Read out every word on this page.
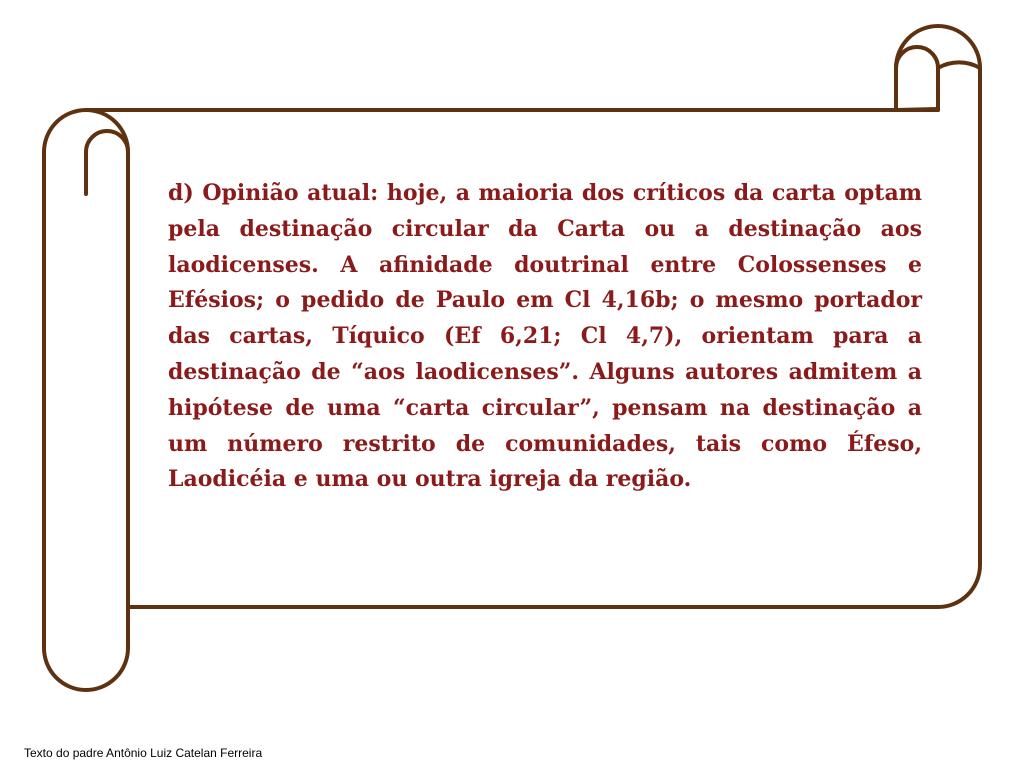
d) Opinião atual: hoje, a maioria dos críticos da carta optam pela destinação circular da Carta ou a destinação aos laodicenses. A afinidade doutrinal entre Colossenses e Efésios; o pedido de Paulo em Cl 4,16b; o mesmo portador das cartas, Tíquico (Ef 6,21; Cl 4,7), orientam para a destinação de “aos laodicenses”. Alguns autores admitem a hipótese de uma “carta circular”, pensam na destinação a um número restrito de comunidades, tais como Éfeso, Laodicéia e uma ou outra igreja da região.

Texto do padre Antônio Luiz Catelan Ferreira
